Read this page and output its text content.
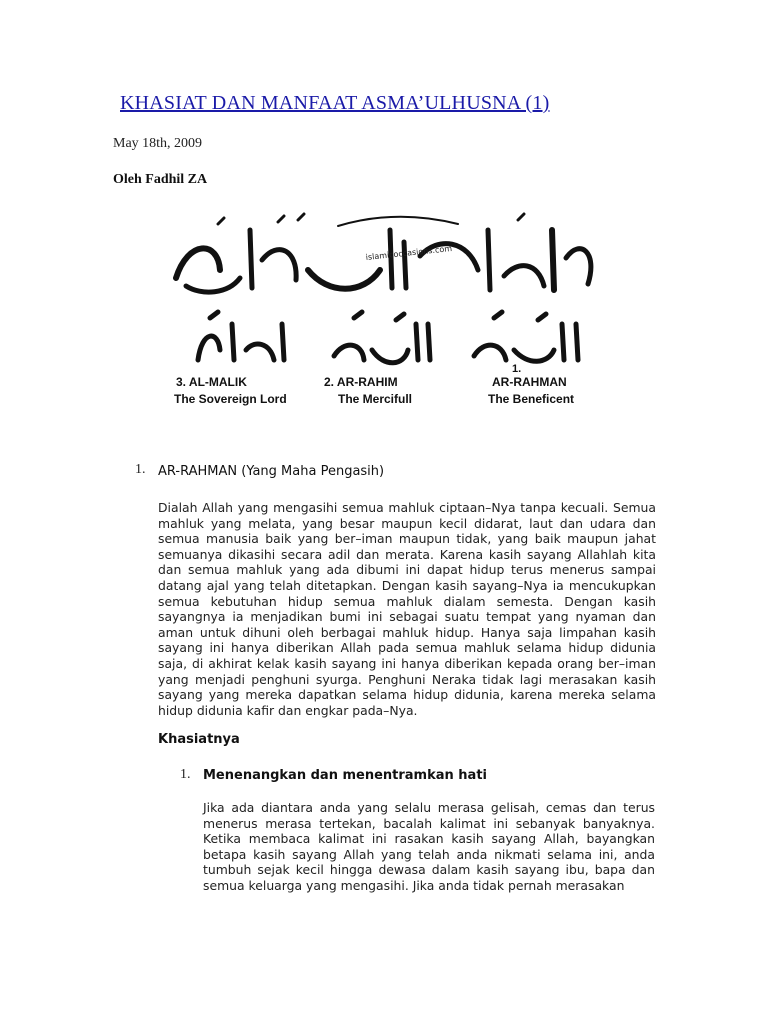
KHASIAT DAN MANFAAT ASMA’ULHUSNA (1)
May 18th, 2009
Oleh Fadhil ZA
islamicoccasions.com
3. AL-MALIK
The Sovereign Lord
2. AR-RAHIM
The Mercifull
1.
AR-RAHMAN
The Beneficent
1. AR-RAHMAN (Yang Maha Pengasih)

Dialah Allah yang mengasihi semua mahluk ciptaan–Nya tanpa kecuali. Semua mahluk yang melata, yang besar maupun kecil didarat, laut dan udara dan semua manusia baik yang ber–iman maupun tidak, yang baik maupun jahat semuanya dikasihi secara adil dan merata. Karena kasih sayang Allahlah kita dan semua mahluk yang ada dibumi ini dapat hidup terus menerus sampai datang ajal yang telah ditetapkan. Dengan kasih sayang–Nya ia mencukupkan semua kebutuhan hidup semua mahluk dialam semesta. Dengan kasih sayangnya ia menjadikan bumi ini sebagai suatu tempat yang nyaman dan aman untuk dihuni oleh berbagai mahluk hidup. Hanya saja limpahan kasih sayang ini hanya diberikan Allah pada semua mahluk selama hidup didunia saja, di akhirat kelak kasih sayang ini hanya diberikan kepada orang ber–iman yang menjadi penghuni syurga. Penghuni Neraka tidak lagi merasakan kasih sayang yang mereka dapatkan selama hidup didunia, karena mereka selama hidup didunia kafir dan engkar pada–Nya.

Khasiatnya
1. Menenangkan dan menentramkan hati

Jika ada diantara anda yang selalu merasa gelisah, cemas dan terus menerus merasa tertekan, bacalah kalimat ini sebanyak banyaknya. Ketika membaca kalimat ini rasakan kasih sayang Allah, bayangkan betapa kasih sayang Allah yang telah anda nikmati selama ini, anda tumbuh sejak kecil hingga dewasa dalam kasih sayang ibu, bapa dan semua keluarga yang mengasihi. Jika anda tidak pernah merasakan
